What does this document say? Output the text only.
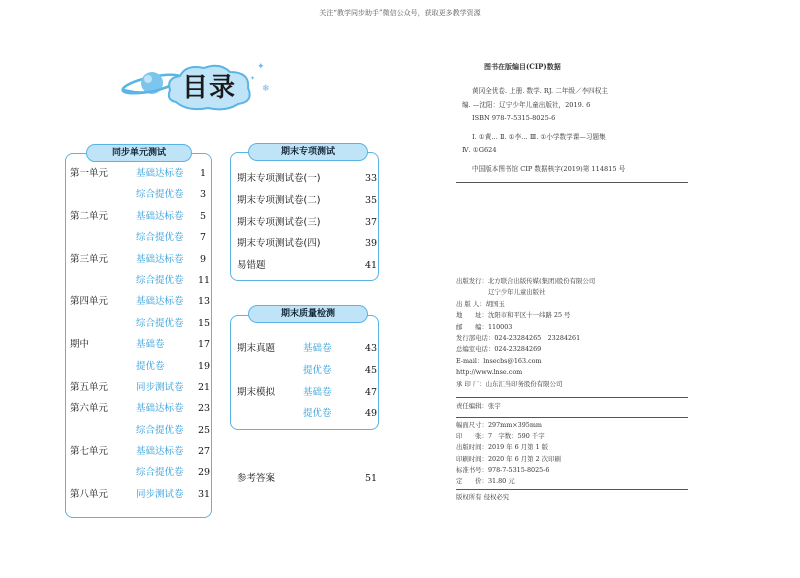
关注“教学同步助手”微信公众号，获取更多教学资源
目录
✦
❄
✦
同步单元测试
第一单元	基础达标卷 1
综合提优卷 3
第二单元	基础达标卷 5
综合提优卷 7
第三单元	基础达标卷 9
综合提优卷 11
第四单元	基础达标卷 13
综合提优卷 15
期中	基础卷	17
提优卷	19
第五单元	同步测试卷 21
第六单元	基础达标卷 23
综合提优卷 25
第七单元	基础达标卷 27
综合提优卷 29
第八单元	同步测试卷 31
期末专项测试
期末专项测试卷(一)	33
期末专项测试卷(二)	35
期末专项测试卷(三)	37
期末专项测试卷(四)	39
易错题	41
期末质量检测
期末真题	基础卷	43
提优卷	45
期末模拟	基础卷	47
提优卷	49
参考答案	51
图书在版编目(CIP)数据
黄冈全优卷. 上册. 数学. RJ. 二年级／李四权主
编. —沈阳：辽宁少年儿童出版社，2019. 6
ISBN 978-7-5315-8025-6
Ⅰ. ①黄… Ⅱ. ①李… Ⅲ. ①小学数学课—习题集
Ⅳ. ①G624
中国版本图书馆 CIP 数据核字(2019)第 114815 号
出版发行：北方联合出版传媒(集团)股份有限公司
　　　　　辽宁少年儿童出版社
出 版 人：胡国玉
地　　址：沈阳市和平区十一纬路 25 号
邮　　编：110003
发行部电话：024-23284265　23284261
总编室电话：024-23284269
E-mail：lnsecbs@163.com
http://www.lnse.com
承 印 厂：山东汇当印务股份有限公司
责任编辑：张宇
幅面尺寸：297mm×395mm
印　　张：7　字数：590 千字
出版时间：2019 年 6 月第 1 版
印刷时间：2020 年 6 月第 2 次印刷
标准书号：978-7-5315-8025-6
定　　价：31.80 元
版权所有 侵权必究
